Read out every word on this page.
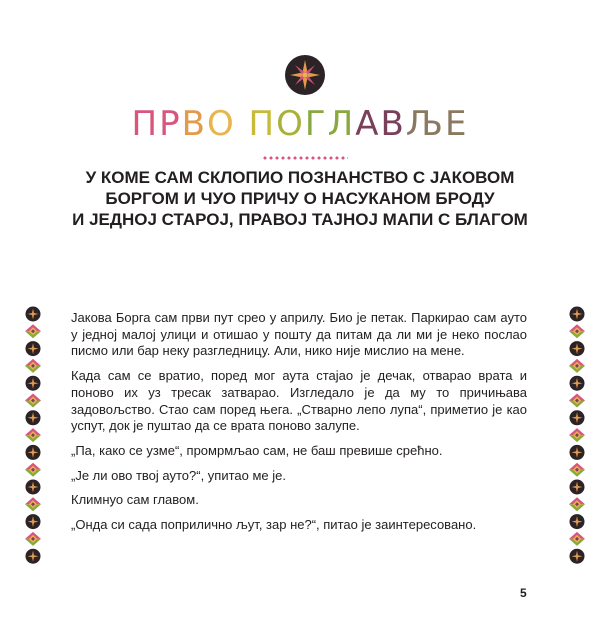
ПРВО ПОГЛАВЉЕ
У КОМЕ САМ СКЛОПИО ПОЗНАНСТВО С ЈАКОВОМ
БОРГОМ И ЧУО ПРИЧУ О НАСУКАНОМ БРОДУ
И ЈЕДНОЈ СТАРОЈ, ПРАВОЈ ТАЈНОЈ МАПИ С БЛАГОМ

Јакова Борга сам први пут срео у априлу. Био је петак. Паркирао сам ауто у једној малој улици и отишао у пошту да питам да ли ми је неко послао писмо или бар неку разгледницу. Али, нико није мислио на мене.

Када сам се вратио, поред мог аута стајао је дечак, отварао врата и поново их уз тресак затварао. Изгледало је да му то причињава задовољство. Стао сам поред њега. „Стварно лепо лупа“, приметио је као успут, док је пуштао да се врата поново залупе.

„Па, како се узме“, промрмљао сам, не баш превише срећно.

„Је ли ово твој ауто?“, упитао ме је.

Климнуо сам главом.

„Онда си сада поприлично љут, зар не?“, питао је заинтересовано.

5
